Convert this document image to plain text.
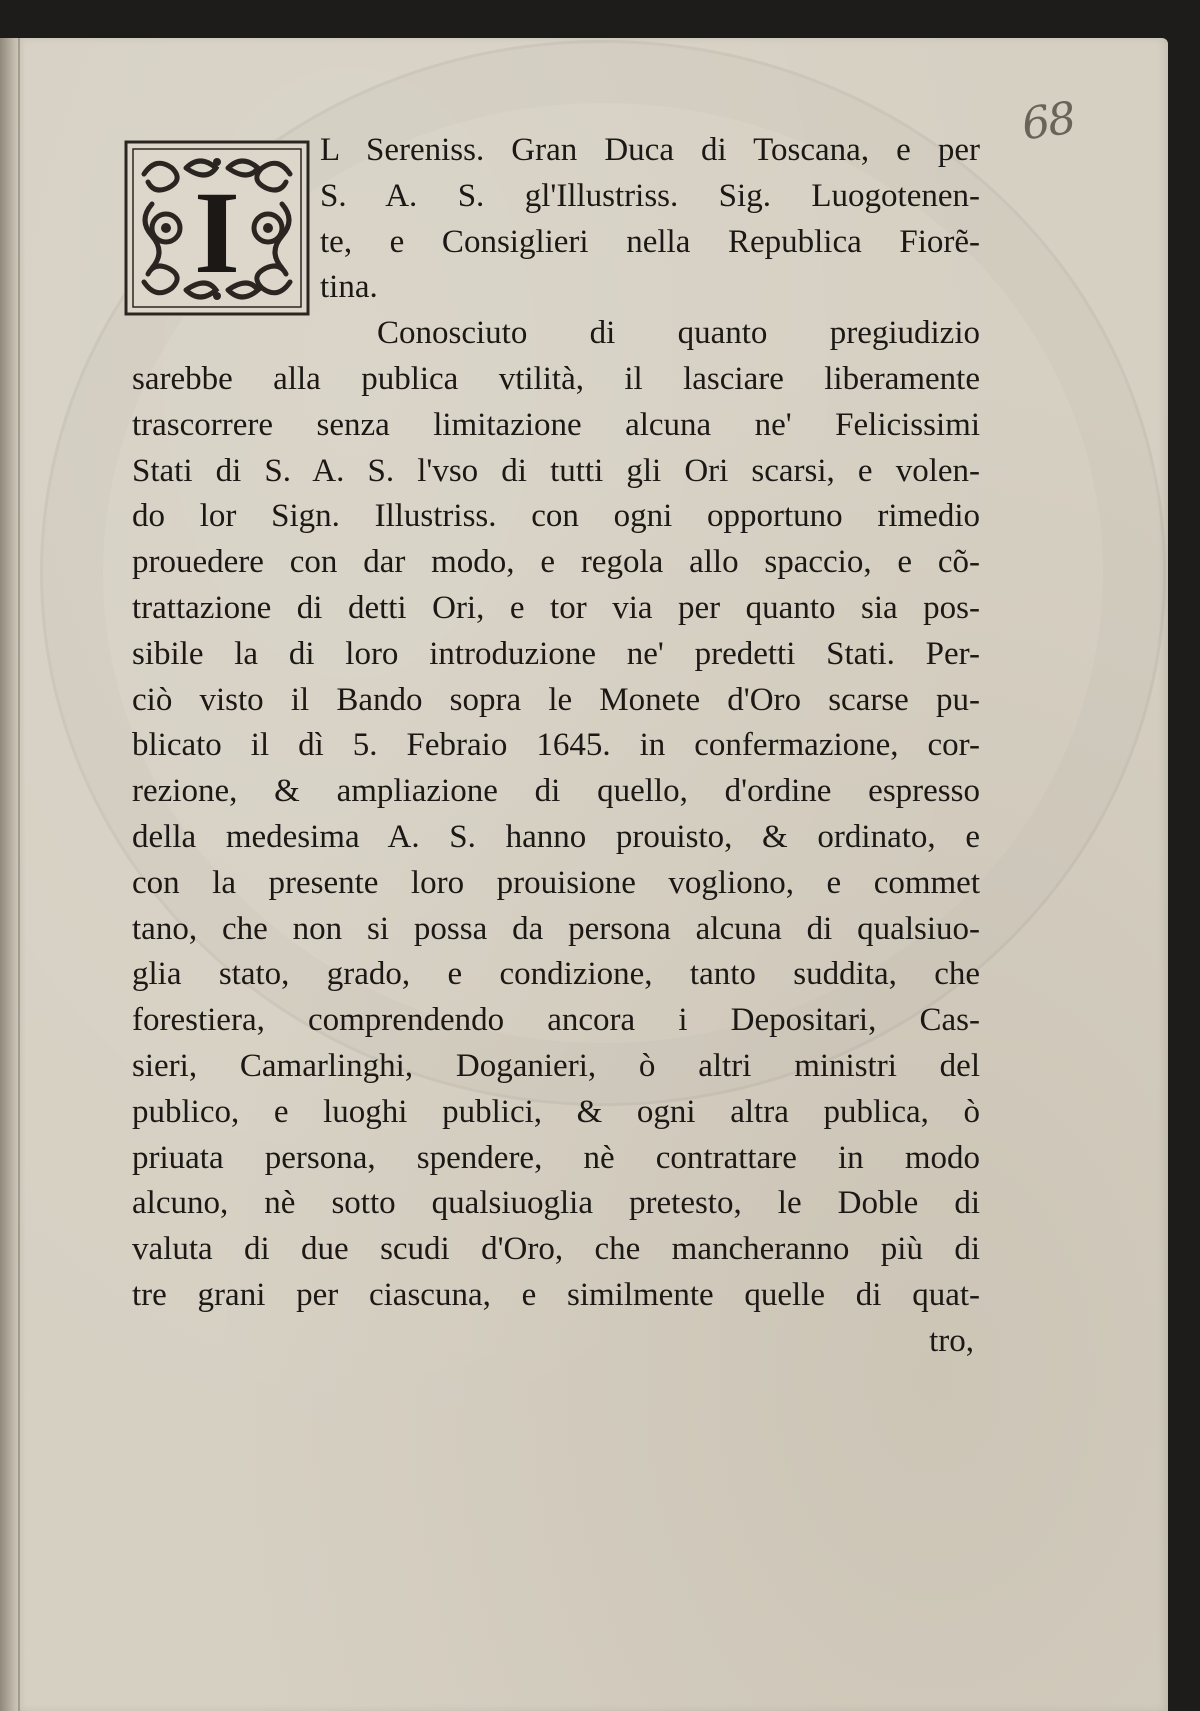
68
I
L Sereniss. Gran Duca di Toscana, e per
S. A. S. gl'Illustriss. Sig. Luogotenen-
te, e Consiglieri nella Republica Fiorẽ-
tina.
Conosciuto di quanto pregiudizio
sarebbe alla publica vtilità, il lasciare liberamente
trascorrere senza limitazione alcuna ne' Felicissimi
Stati di S. A. S. l'vso di tutti gli Ori scarsi, e volen-
do lor Sign. Illustriss. con ogni opportuno rimedio
prouedere con dar modo, e regola allo spaccio, e cõ-
trattazione di detti Ori, e tor via per quanto sia pos-
sibile la di loro introduzione ne' predetti Stati. Per-
ciò visto il Bando sopra le Monete d'Oro scarse pu-
blicato il dì 5. Febraio 1645. in confermazione, cor-
rezione, & ampliazione di quello, d'ordine espresso
della medesima A. S. hanno prouisto, & ordinato, e
con la presente loro prouisione vogliono, e commet
tano, che non si possa da persona alcuna di qualsiuo-
glia stato, grado, e condizione, tanto suddita, che
forestiera, comprendendo ancora i Depositari, Cas-
sieri, Camarlinghi, Doganieri, ò altri ministri del
publico, e luoghi publici, & ogni altra publica, ò
priuata persona, spendere, nè contrattare in modo
alcuno, nè sotto qualsiuoglia pretesto, le Doble di
valuta di due scudi d'Oro, che mancheranno più di
tre grani per ciascuna, e similmente quelle di quat-
tro,
